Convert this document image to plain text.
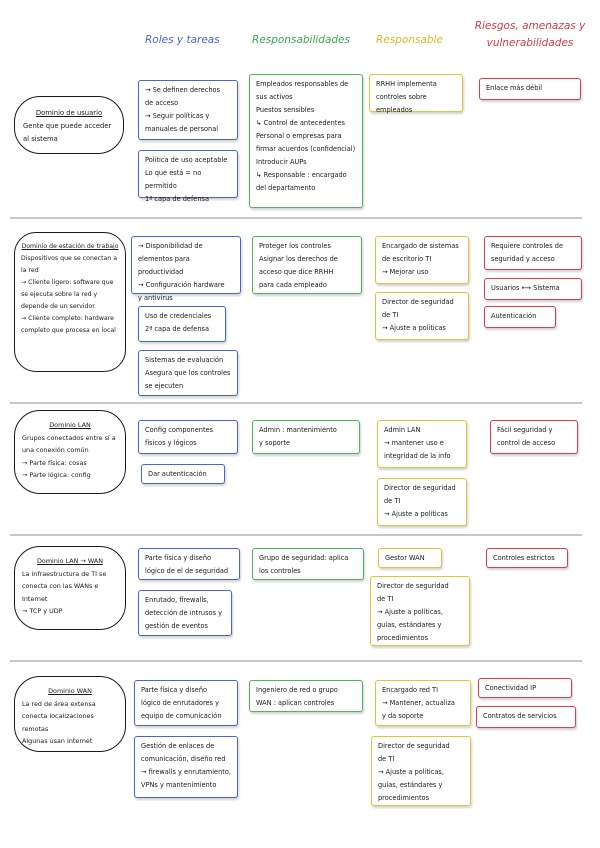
Roles y tareas	Responsabilidades Responsable
Riesgos, amenazas y vulnerabilidades
Dominio de usuario
Gente que puede acceder al sistema
→ Se definen derechos
de acceso
→ Seguir políticas y
manuales de personal
Política de uso aceptable
Lo que está = no permitido
1ª capa de defensa
Empleados responsables de
sus activos
Puestos sensibles
↳ Control de antecedentes
Personal o empresas para
firmar acuerdos (confidencial)
Introducir AUPs
↳ Responsable : encargado
del departamento
RRHH implementa
controles sobre empleados
Enlace más débil
Dominio de estación de trabajo
Dispositivos que se conectan a la red
→ Cliente ligero: software que se ejecuta sobre la red y depende de un servidor
→ Cliente completo: hardware completo que procesa en local
→ Disponibilidad de
elementos para productividad
→ Configuración hardware
y antivirus
Uso de credenciales
2ª capa de defensa
Sistemas de evaluación
Asegura que los controles
se ejecuten
Proteger los controles
Asignar los derechos de
acceso que dice RRHH
para cada empleado
Encargado de sistemas
de escritorio TI
→ Mejorar uso
Director de seguridad
de TI
→ Ajuste a políticas
Requiere controles de
seguridad y acceso
Usuarios ⟷ Sistema
Autenticación
Dominio LAN
Grupos conectados entre sí a una conexión común
→ Parte física: cosas
→ Parte lógica: config
Config componentes
físicos y lógicos
Dar autenticación
Admin : mantenimiento
y soporte
Admin LAN
→ mantener uso e
integridad de la info
Director de seguridad
de TI
→ Ajuste a políticas
Fácil seguridad y
control de acceso
Dominio LAN → WAN
La infraestructura de TI se conecta con las WANs e Internet
→ TCP y UDP
Parte física y diseño
lógico de el de seguridad
Enrutado, firewalls,
detección de intrusos y
gestión de eventos
Grupo de seguridad: aplica
los controles
Gestor WAN
Director de seguridad
de TI
→ Ajuste a políticas,
guías, estándares y
procedimientos
Controles estrictos
Dominio WAN
La red de área extensa conecta localizaciones remotas
Algunas usan Internet
Parte física y diseño
lógico de enrutadores y
equipo de comunicación
Gestión de enlaces de
comunicación, diseño red
→ firewalls y enrutamiento,
VPNs y mantenimiento
Ingeniero de red o grupo
WAN : aplican controles
Encargado red TI
→ Mantener, actualiza
y da soporte
Director de seguridad
de TI
→ Ajuste a políticas,
guías, estándares y
procedimientos
Conectividad IP
Contratos de servicios
